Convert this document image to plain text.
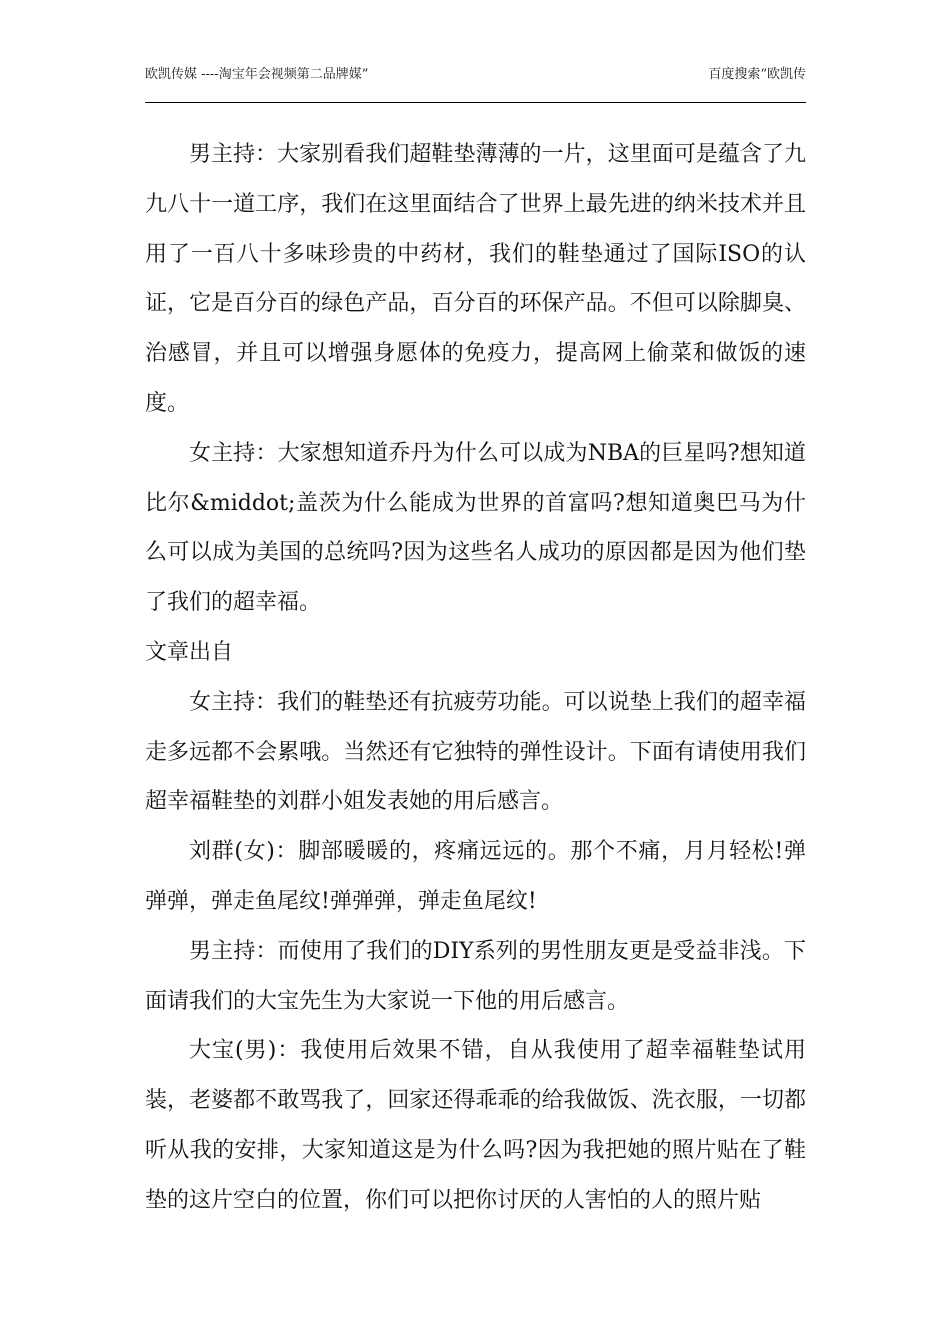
欧凯传媒 ----淘宝年会视频第二品牌媒”	百度搜索“欧凯传

男主持：大家别看我们超鞋垫薄薄的一片，这里面可是蕴含了九九八十一道工序，我们在这里面结合了世界上最先进的纳米技术并且用了一百八十多味珍贵的中药材，我们的鞋垫通过了国际ISO的认证，它是百分百的绿色产品，百分百的环保产品。不但可以除脚臭、治感冒，并且可以增强身愿体的免疫力，提高网上偷菜和做饭的速度。

女主持：大家想知道乔丹为什么可以成为NBA的巨星吗?想知道比尔&middot;盖茨为什么能成为世界的首富吗?想知道奥巴马为什么可以成为美国的总统吗?因为这些名人成功的原因都是因为他们垫了我们的超幸福。

文章出自

女主持：我们的鞋垫还有抗疲劳功能。可以说垫上我们的超幸福走多远都不会累哦。当然还有它独特的弹性设计。下面有请使用我们超幸福鞋垫的刘群小姐发表她的用后感言。

刘群(女)：脚部暖暖的，疼痛远远的。那个不痛，月月轻松!弹弹弹，弹走鱼尾纹!弹弹弹，弹走鱼尾纹!

男主持：而使用了我们的DIY系列的男性朋友更是受益非浅。下面请我们的大宝先生为大家说一下他的用后感言。

大宝(男)：我使用后效果不错，自从我使用了超幸福鞋垫试用装，老婆都不敢骂我了，回家还得乖乖的给我做饭、洗衣服，一切都听从我的安排，大家知道这是为什么吗?因为我把她的照片贴在了鞋垫的这片空白的位置，你们可以把你讨厌的人害怕的人的照片贴
